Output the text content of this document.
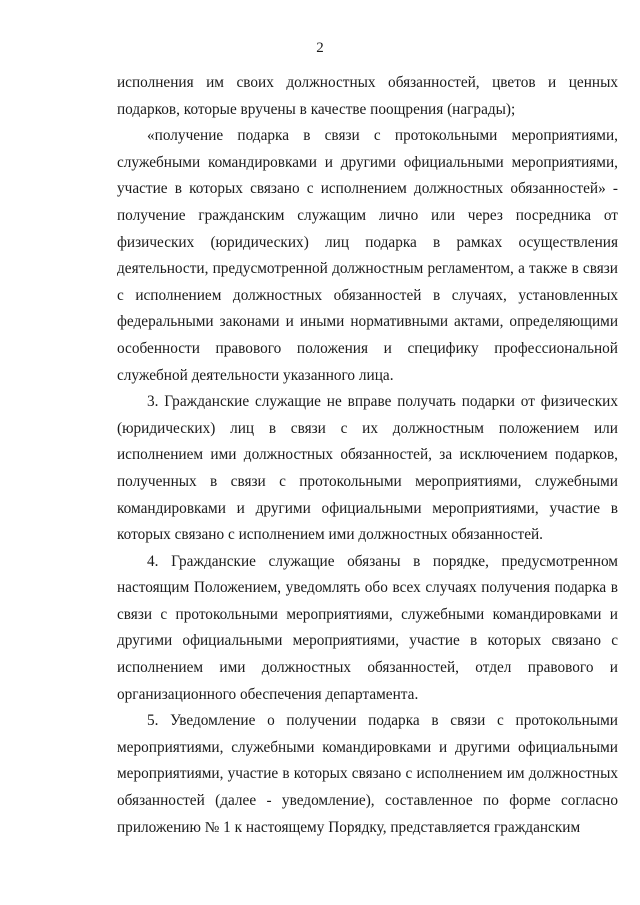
2

исполнения им своих должностных обязанностей, цветов и ценных подарков, которые вручены в качестве поощрения (награды);

«получение подарка в связи с протокольными мероприятиями, служебными командировками и другими официальными мероприятиями, участие в которых связано с исполнением должностных обязанностей» - получение гражданским служащим лично или через посредника от физических (юридических) лиц подарка в рамках осуществления деятельности, предусмотренной должностным регламентом, а также в связи с исполнением должностных обязанностей в случаях, установленных федеральными законами и иными нормативными актами, определяющими особенности правового положения и специфику профессиональной служебной деятельности указанного лица.

3. Гражданские служащие не вправе получать подарки от физических (юридических) лиц в связи с их должностным положением или исполнением ими должностных обязанностей, за исключением подарков, полученных в связи с протокольными мероприятиями, служебными командировками и другими официальными мероприятиями, участие в которых связано с исполнением ими должностных обязанностей.

4. Гражданские служащие обязаны в порядке, предусмотренном настоящим Положением, уведомлять обо всех случаях получения подарка в связи с протокольными мероприятиями, служебными командировками и другими официальными мероприятиями, участие в которых связано с исполнением ими должностных обязанностей, отдел правового и организационного обеспечения департамента.

5. Уведомление о получении подарка в связи с протокольными мероприятиями, служебными командировками и другими официальными мероприятиями, участие в которых связано с исполнением им должностных обязанностей (далее - уведомление), составленное по форме согласно приложению № 1 к настоящему Порядку, представляется гражданским
